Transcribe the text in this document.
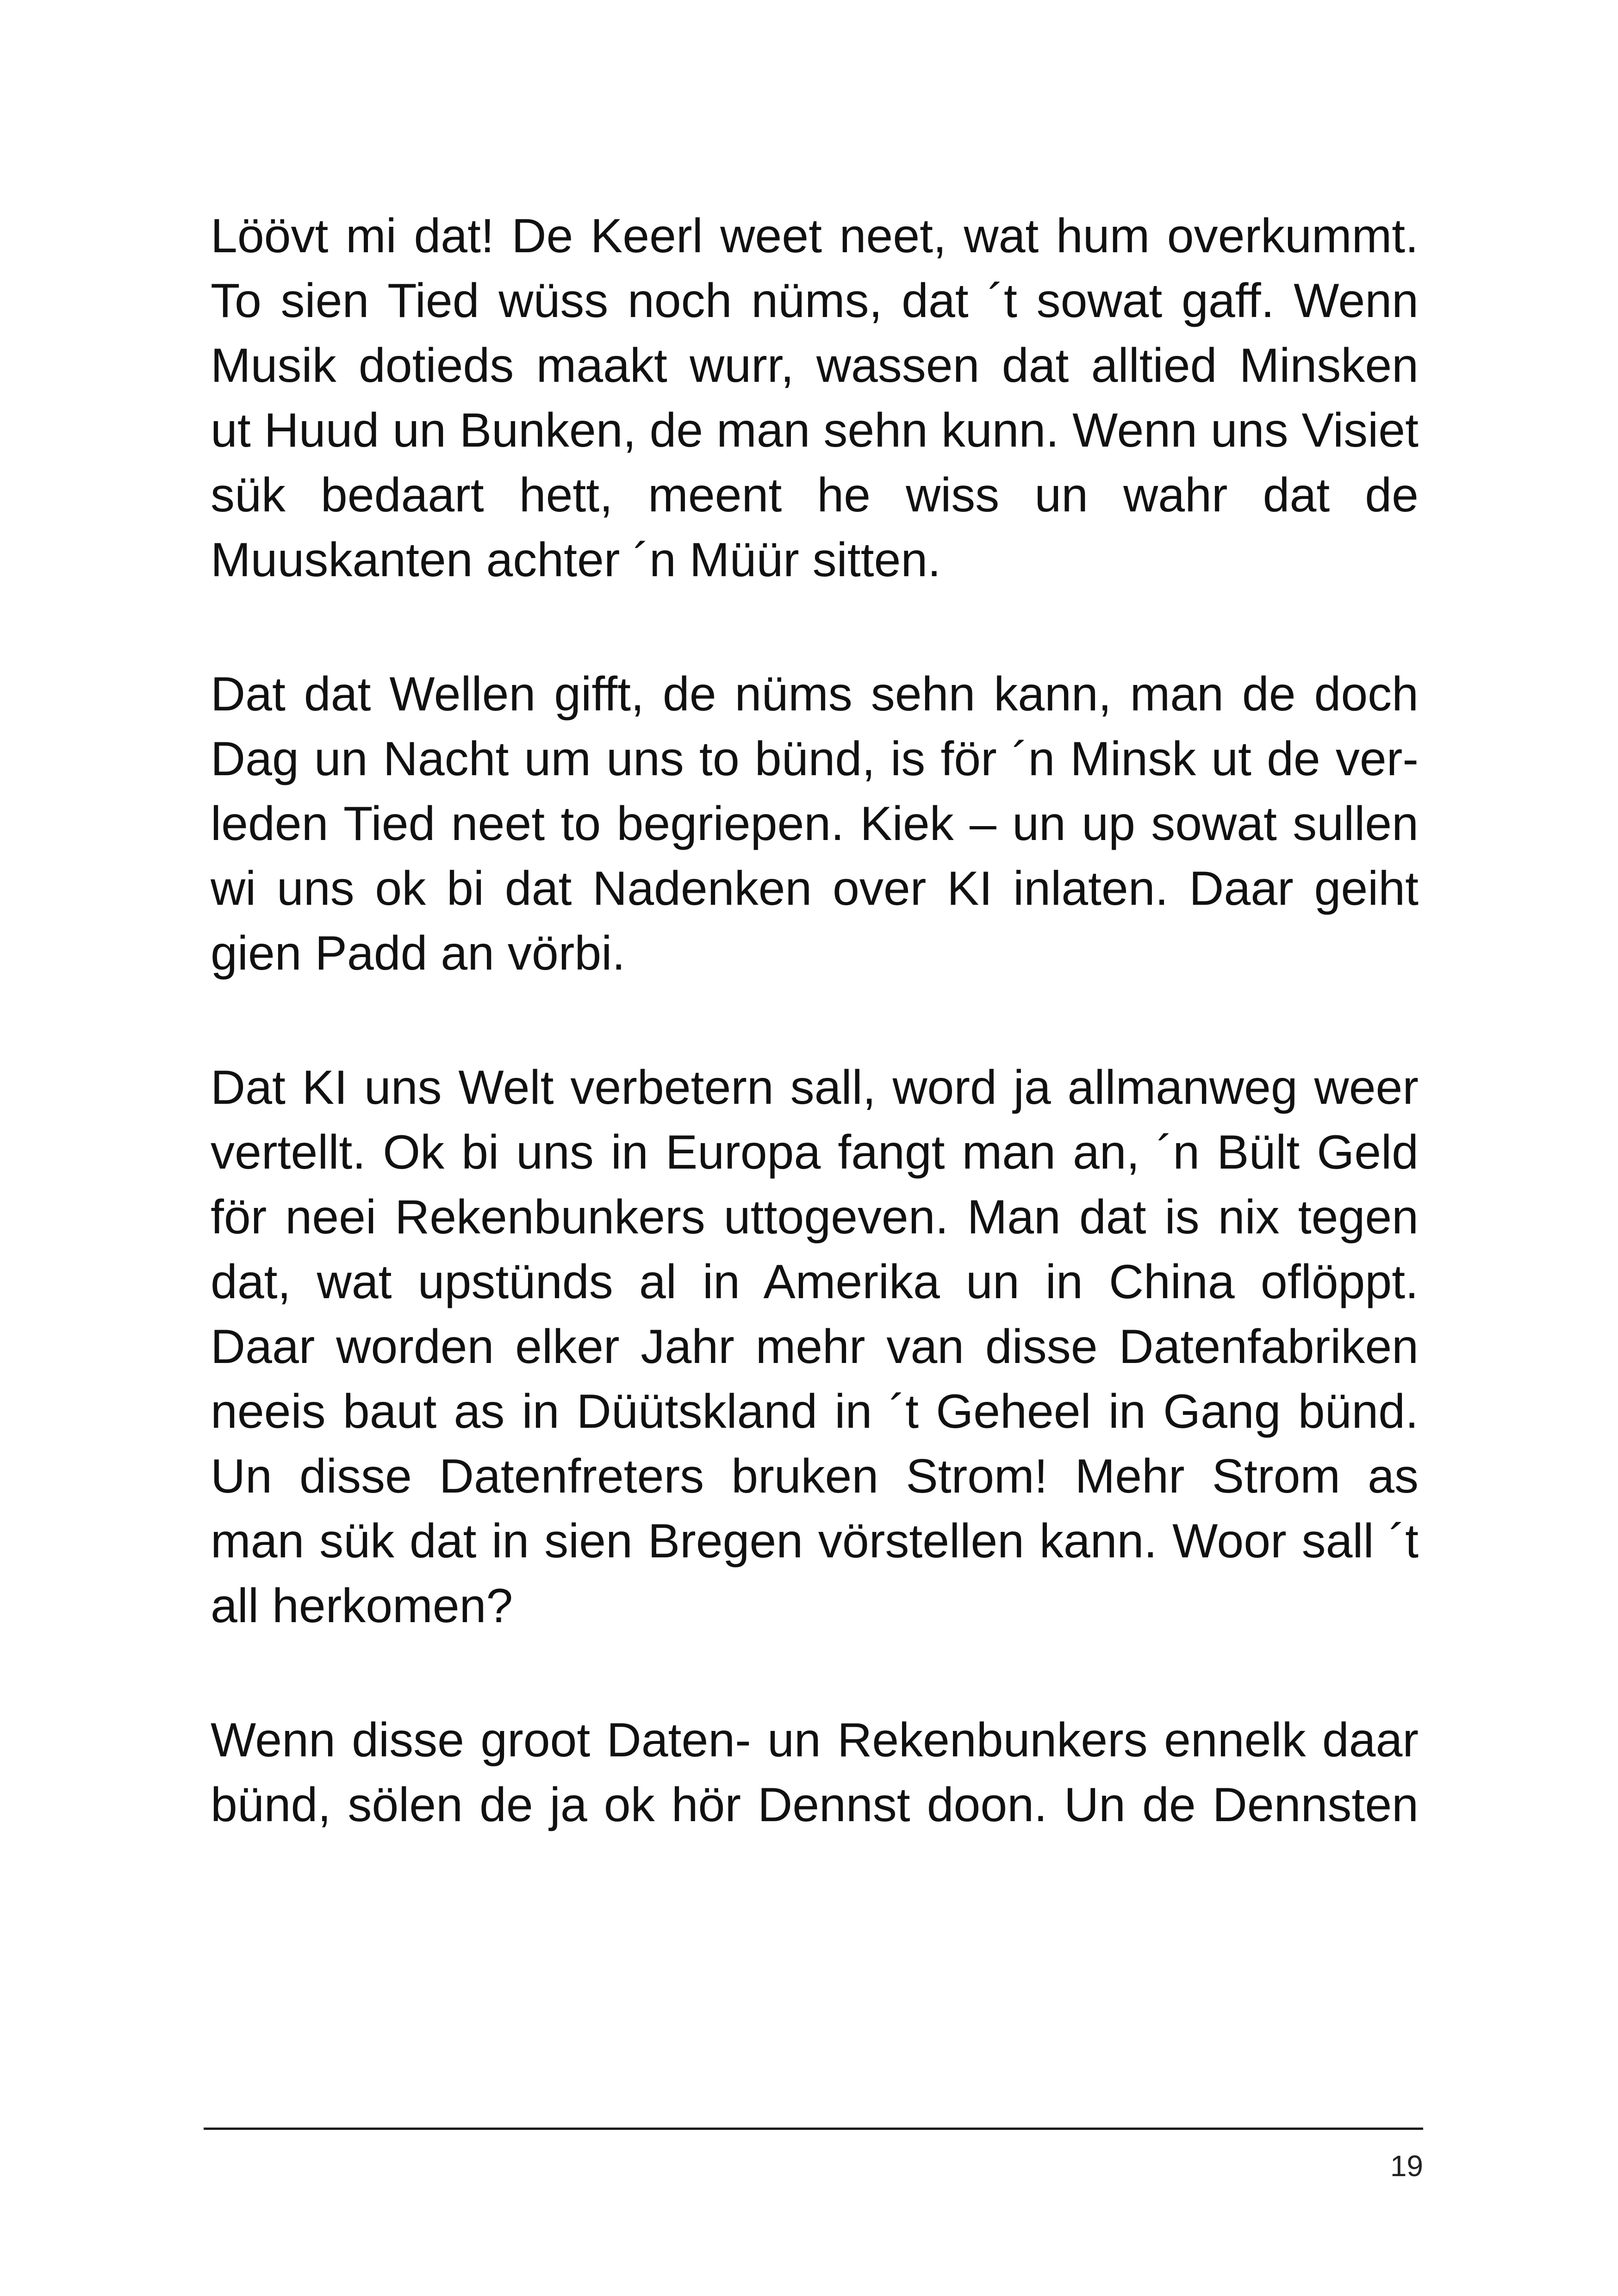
Löövt mi dat! De Keerl weet neet, wat hum overkummt.
To sien Tied wüss noch nüms, dat ´t sowat gaff. Wenn
Musik dotieds maakt wurr, wassen dat alltied Minsken
ut Huud un Bunken, de man sehn kunn. Wenn uns Visiet
sük bedaart hett, meent he wiss un wahr dat de
Muuskanten achter ´n Müür sitten.

Dat dat Wellen gifft, de nüms sehn kann, man de doch
Dag un Nacht um uns to bünd, is för ´n Minsk ut de ver-
leden Tied neet to begriepen. Kiek – un up sowat sullen
wi uns ok bi dat Nadenken over KI inlaten. Daar geiht
gien Padd an vörbi.

Dat KI uns Welt verbetern sall, word ja allmanweg weer
vertellt. Ok bi uns in Europa fangt man an, ´n Bült Geld
för neei Rekenbunkers uttogeven. Man dat is nix tegen
dat, wat upstünds al in Amerika un in China oflöppt.
Daar worden elker Jahr mehr van disse Datenfabriken
neeis baut as in Düütskland in ´t Geheel in Gang bünd.
Un disse Datenfreters bruken Strom! Mehr Strom as
man sük dat in sien Bregen vörstellen kann. Woor sall ´t
all herkomen?

Wenn disse groot Daten- un Rekenbunkers ennelk daar
bünd, sölen de ja ok hör Dennst doon. Un de Dennsten

19
